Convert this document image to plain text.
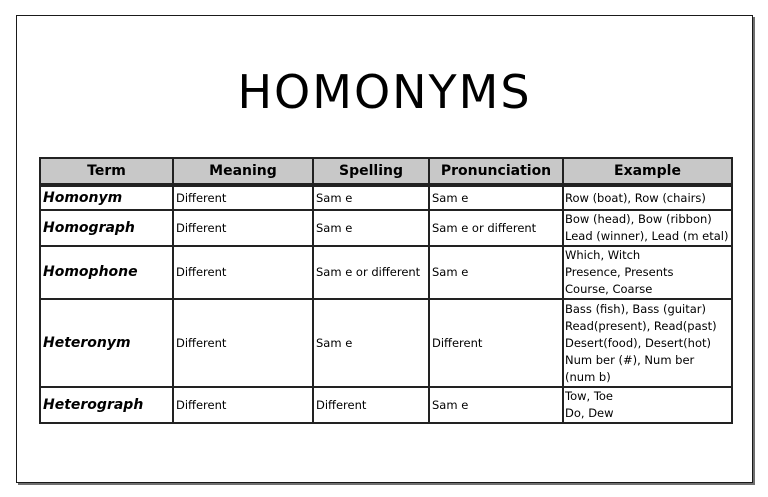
HOMONYMS
Term	Meaning	Spelling	Pronunciation	Example
Homonym	Different	Sam e	Sam e	Row (boat), Row (chairs)
Homograph	Different	Sam e	Sam e or different	Bow (head), Bow (ribbon)
Lead (winner), Lead (m etal)
Homophone	Different	Sam e or different	Sam e	Which, Witch
Presence, Presents
Course, Coarse
Heteronym	Different	Sam e	Different	Bass (fish), Bass (guitar)
Read(present), Read(past)
Desert(food), Desert(hot)
Num ber (#), Num ber
(num b)
Heterograph	Different	Different	Sam e	Tow, Toe
Do, Dew
